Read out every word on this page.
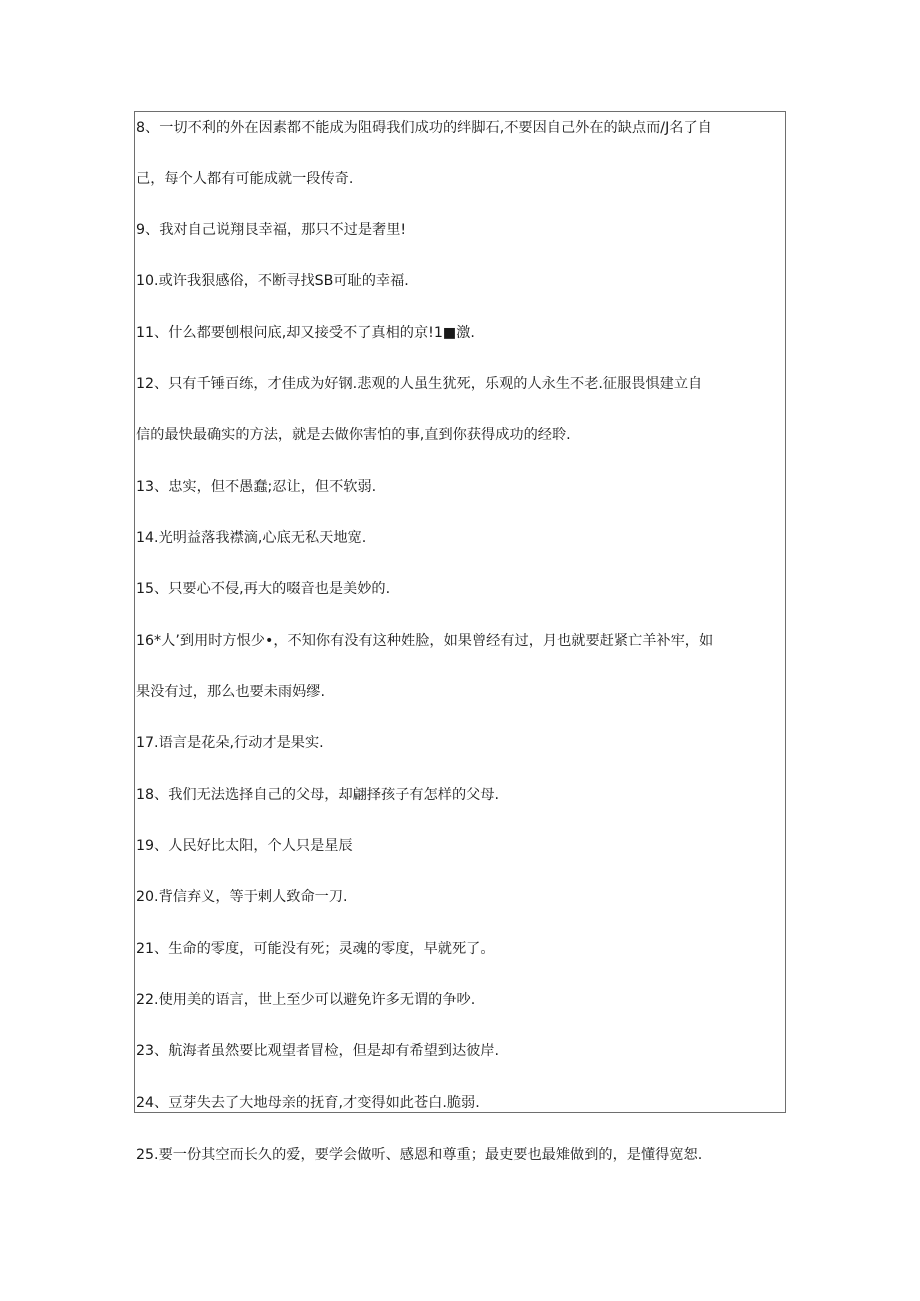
8、一切不利的外在因素都不能成为阻碍我们成功的绊脚石,不要因自己外在的缺点而/J名了自
己，每个人都有可能成就一段传奇.
9、我对自己说翔艮幸福，那只不过是奢里!
10.或许我狠感俗，不断寻找SB可耻的幸福.
11、什么都要刨根问底,却又接受不了真相的京!1■激.
12、只有千锤百练，才佳成为好钢.悲观的人虽生犹死，乐观的人永生不老.征服畏惧建立自
信的最快最确实的方法，就是去做你害怕的事,直到你获得成功的经聆.
13、忠实，但不愚蠢;忍让，但不软弱.
14.光明益落我襟滴,心底无私天地宽.
15、只要心不侵,再大的啜音也是美妙的.
16*人’到用时方恨少•，不知你有没有这种姓脸，如果曾经有过，月也就要赶紧亡羊补牢，如
果没有过，那么也要未雨妈缪.
17.语言是花朵,行动才是果实.
18、我们无法选择自己的父母，却翩择孩子有怎样的父母.
19、人民好比太阳，个人只是星辰
20.背信弃义，等于剌人致命一刀.
21、生命的零度，可能没有死；灵魂的零度，早就死了。
22.使用美的语言，世上至少可以避免许多无谓的争吵.
23、航海者虽然要比观望者冒检，但是却有希望到达彼岸.
24、豆芽失去了大地母亲的抚育,才变得如此苍白.脆弱.
25.要一份其空而长久的爱，要学会做听、感恩和尊重；最吏要也最雉做到的，是懂得宽恕.
